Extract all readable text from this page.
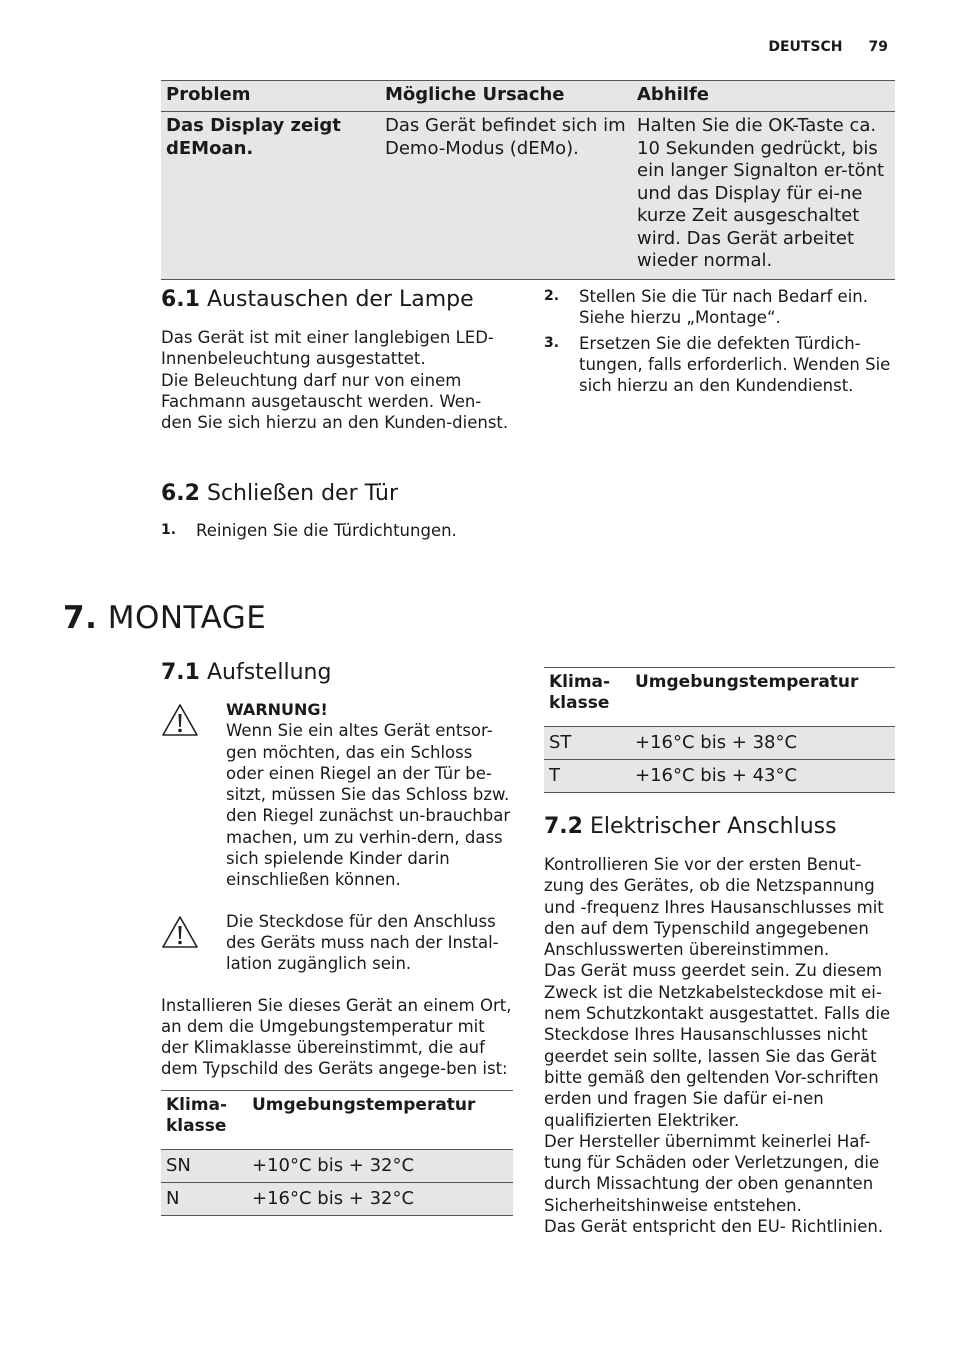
DEUTSCH 79
Problem	Mögliche Ursache	Abhilfe
Das Display zeigt dEMoan.	Das Gerät befindet sich im Demo-Modus (dEMo).	Halten Sie die OK-Taste ca. 10 Sekunden gedrückt, bis ein langer Signalton er-tönt und das Display für ei-ne kurze Zeit ausgeschaltet wird. Das Gerät arbeitet wieder normal.
6.1 Austauschen der Lampe

Das Gerät ist mit einer langlebigen LED-Innenbeleuchtung ausgestattet.

Die Beleuchtung darf nur von einem Fachmann ausgetauscht werden. Wen-den Sie sich hierzu an den Kunden-dienst.

6.2 Schließen der Tür
1.	Reinigen Sie die Türdichtungen.
2.	Stellen Sie die Tür nach Bedarf ein. Siehe hierzu „Montage“.
3.	Ersetzen Sie die defekten Türdich-tungen, falls erforderlich. Wenden Sie sich hierzu an den Kundendienst.
7. MONTAGE
7.1 Aufstellung
WARNUNG!
Wenn Sie ein altes Gerät entsor-gen möchten, das ein Schloss oder einen Riegel an der Tür be-sitzt, müssen Sie das Schloss bzw. den Riegel zunächst un-brauchbar machen, um zu verhin-dern, dass sich spielende Kinder darin einschließen können.
Die Steckdose für den Anschluss des Geräts muss nach der Instal-lation zugänglich sein.

Installieren Sie dieses Gerät an einem Ort, an dem die Umgebungstemperatur mit der Klimaklasse übereinstimmt, die auf dem Typschild des Geräts angege-ben ist:

Klima-klasse	Umgebungstemperatur
SN	+10°C bis + 32°C
N	+16°C bis + 32°C
Klima-klasse	Umgebungstemperatur
ST	+16°C bis + 38°C
T	+16°C bis + 43°C
7.2 Elektrischer Anschluss

Kontrollieren Sie vor der ersten Benut-zung des Gerätes, ob die Netzspannung und -frequenz Ihres Hausanschlusses mit den auf dem Typenschild angegebenen Anschlusswerten übereinstimmen.

Das Gerät muss geerdet sein. Zu diesem Zweck ist die Netzkabelsteckdose mit ei-nem Schutzkontakt ausgestattet. Falls die Steckdose Ihres Hausanschlusses nicht geerdet sein sollte, lassen Sie das Gerät bitte gemäß den geltenden Vor-schriften erden und fragen Sie dafür ei-nen qualifizierten Elektriker.

Der Hersteller übernimmt keinerlei Haf-tung für Schäden oder Verletzungen, die durch Missachtung der oben genannten Sicherheitshinweise entstehen.

Das Gerät entspricht den EU- Richtlinien.
